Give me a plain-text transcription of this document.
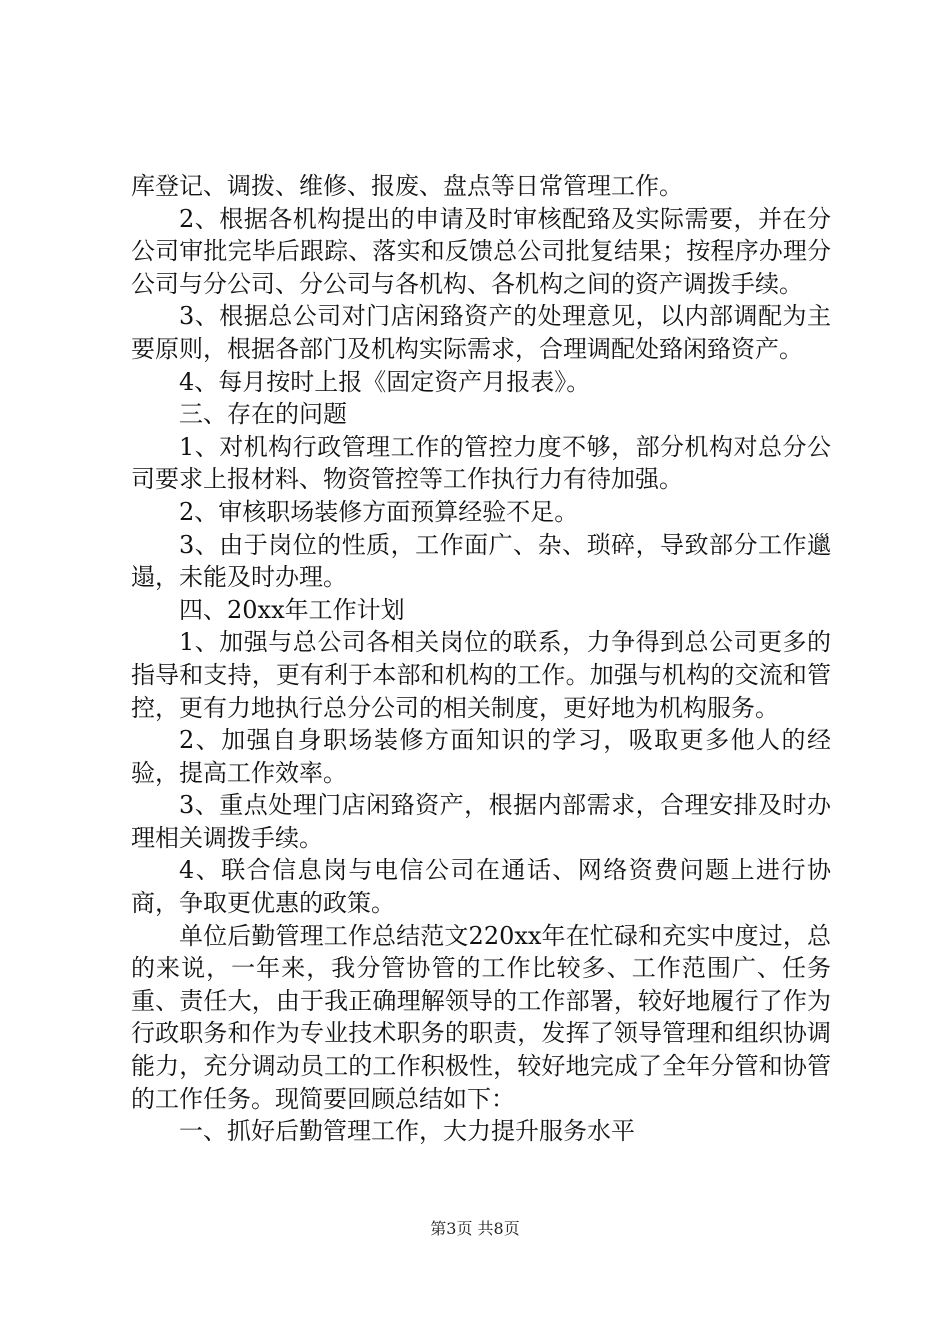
库登记、调拨、维修、报废、盘点等日常管理工作。

2、根据各机构提出的申请及时审核配臵及实际需要，并在分公司审批完毕后跟踪、落实和反馈总公司批复结果；按程序办理分公司与分公司、分公司与各机构、各机构之间的资产调拨手续。

3、根据总公司对门店闲臵资产的处理意见，以内部调配为主要原则，根据各部门及机构实际需求，合理调配处臵闲臵资产。

4、每月按时上报《固定资产月报表》。

三、存在的问题

1、对机构行政管理工作的管控力度不够，部分机构对总分公司要求上报材料、物资管控等工作执行力有待加强。

2、审核职场装修方面预算经验不足。

3、由于岗位的性质，工作面广、杂、琐碎，导致部分工作邋遢，未能及时办理。

四、20xx年工作计划

1、加强与总公司各相关岗位的联系，力争得到总公司更多的指导和支持，更有利于本部和机构的工作。加强与机构的交流和管控，更有力地执行总分公司的相关制度，更好地为机构服务。

2、加强自身职场装修方面知识的学习，吸取更多他人的经验，提高工作效率。

3、重点处理门店闲臵资产，根据内部需求，合理安排及时办理相关调拨手续。

4、联合信息岗与电信公司在通话、网络资费问题上进行协商，争取更优惠的政策。

单位后勤管理工作总结范文220xx年在忙碌和充实中度过，总的来说，一年来，我分管协管的工作比较多、工作范围广、任务重、责任大，由于我正确理解领导的工作部署，较好地履行了作为行政职务和作为专业技术职务的职责，发挥了领导管理和组织协调能力，充分调动员工的工作积极性，较好地完成了全年分管和协管的工作任务。现简要回顾总结如下：

一、抓好后勤管理工作，大力提升服务水平

第3页 共8页
